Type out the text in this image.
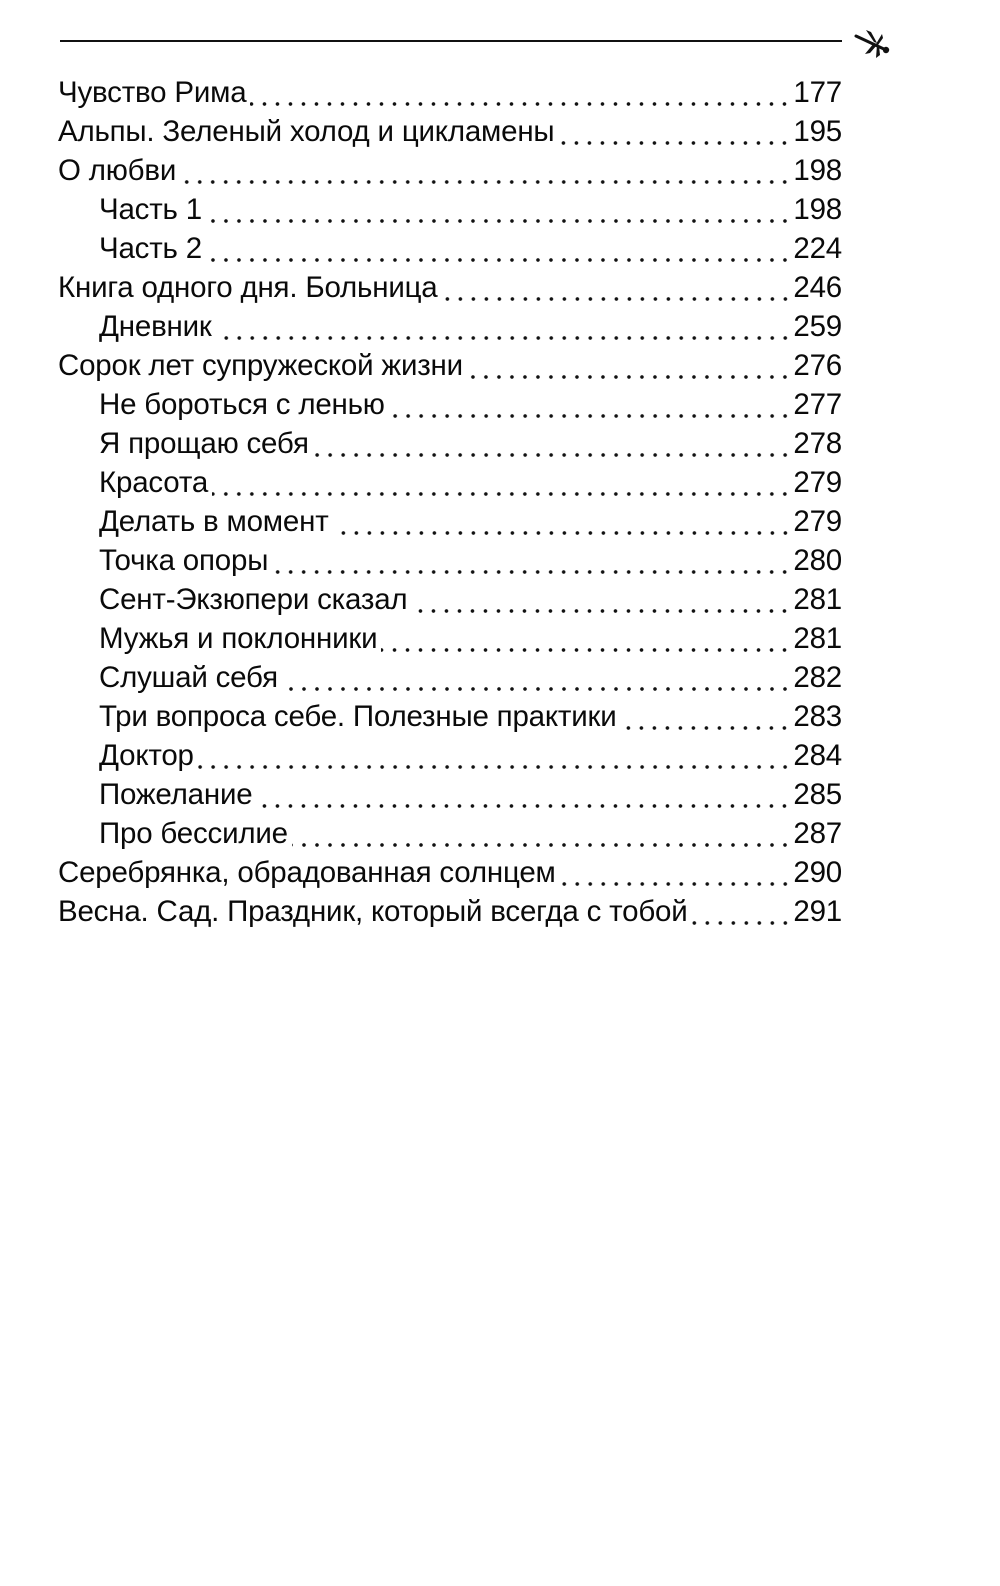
Чувство Рима	177
Альпы. Зеленый холод и цикламены	195
О любви	198
Часть 1	198
Часть 2	224
Книга одного дня. Больница	246
Дневник	259
Сорок лет супружеской жизни	276
Не бороться с ленью	277
Я прощаю себя	278
Красота	279
Делать в момент	279
Точка опоры	280
Сент-Экзюпери сказал	281
Мужья и поклонники	281
Слушай себя	282
Три вопроса себе. Полезные практики	283
Доктор	284
Пожелание	285
Про бессилие	287
Серебрянка, обрадованная солнцем	290
Весна. Сад. Праздник, который всегда с тобой	291
